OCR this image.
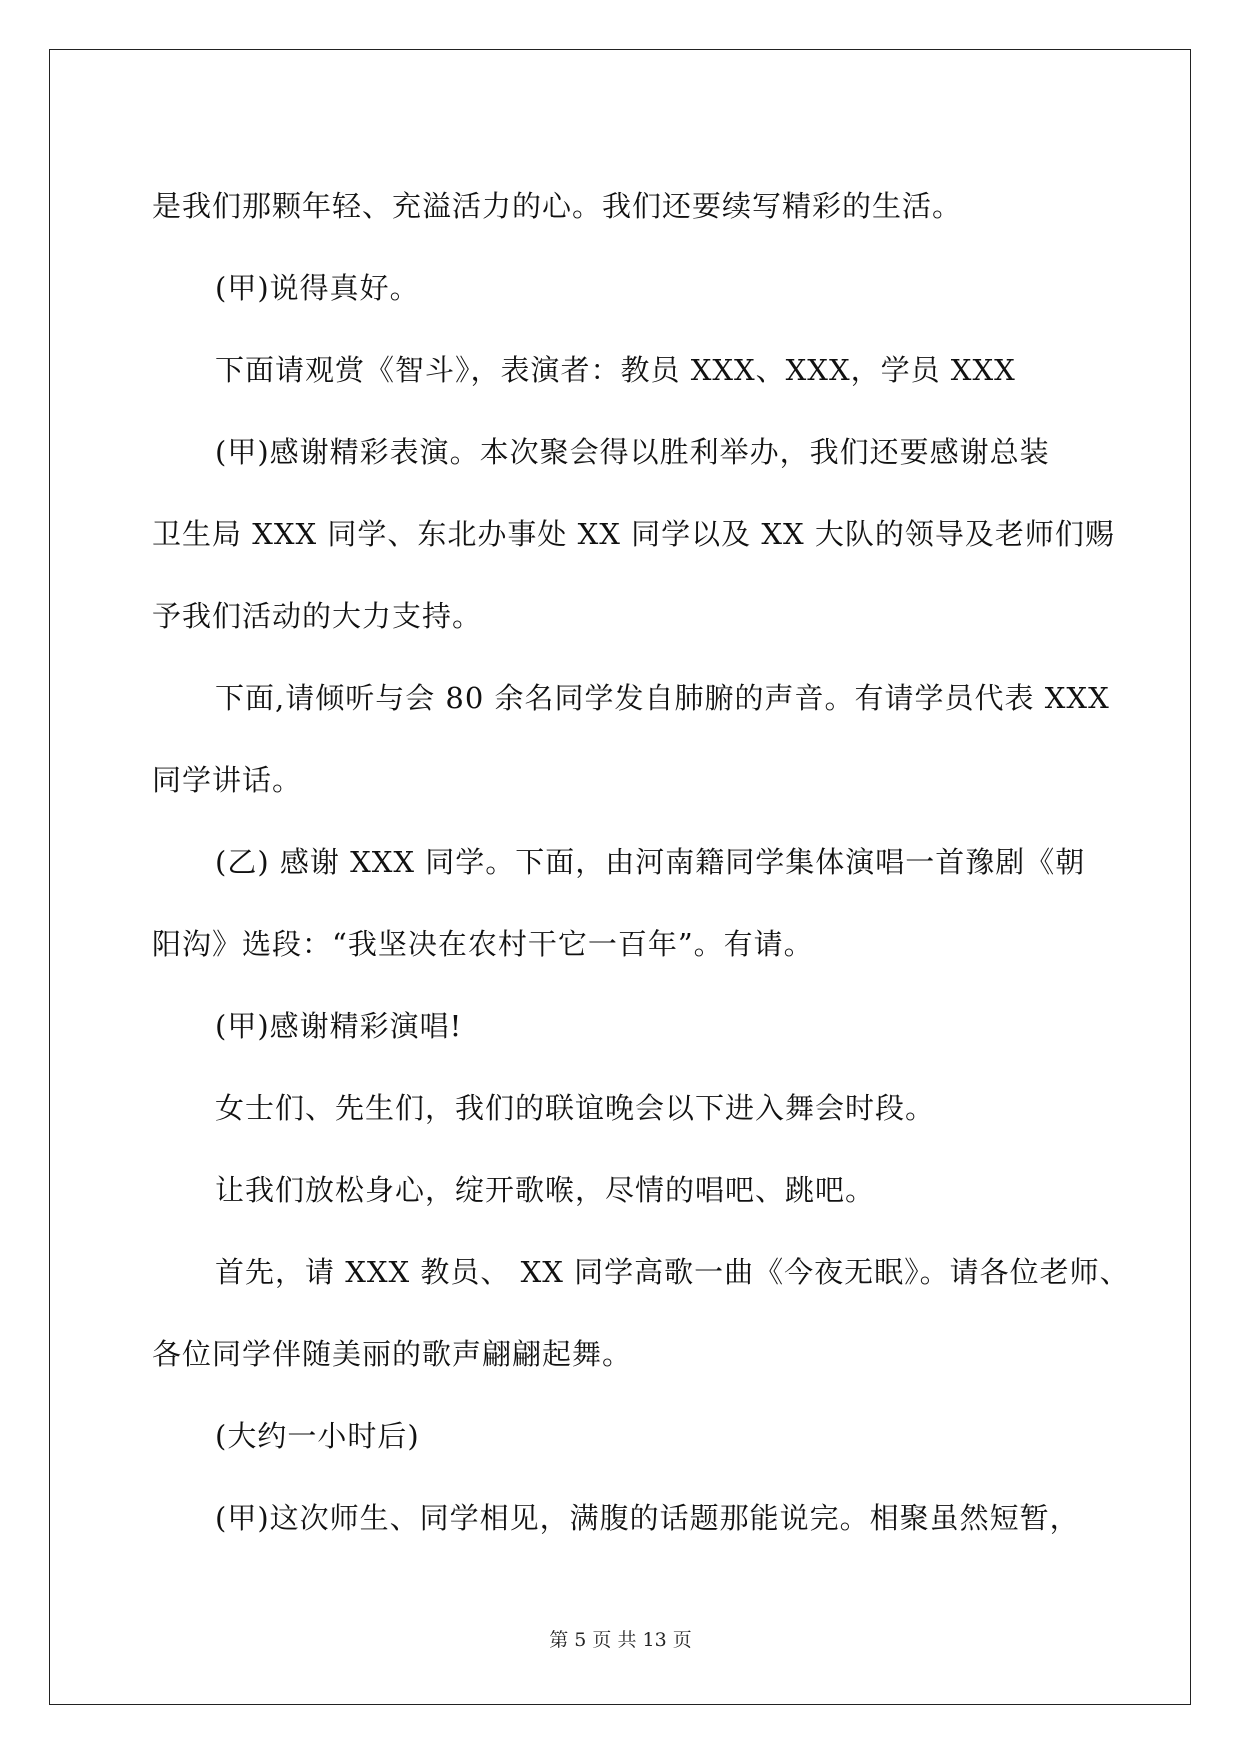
是我们那颗年轻、充溢活力的心。我们还要续写精彩的生活。
(甲)说得真好。
下面请观赏《智斗》，表演者：教员 XXX、XXX，学员 XXX
(甲)感谢精彩表演。本次聚会得以胜利举办，我们还要感谢总装
卫生局 XXX 同学、东北办事处 XX 同学以及 XX 大队的领导及老师们赐
予我们活动的大力支持。
下面,请倾听与会 80 余名同学发自肺腑的声音。有请学员代表 XXX
同学讲话。
(乙) 感谢 XXX 同学。下面，由河南籍同学集体演唱一首豫剧《朝
阳沟》选段：“我坚决在农村干它一百年”。有请。
(甲)感谢精彩演唱!
女士们、先生们，我们的联谊晚会以下进入舞会时段。
让我们放松身心，绽开歌喉，尽情的唱吧、跳吧。
首先，请 XXX 教员、 XX 同学高歌一曲《今夜无眠》。请各位老师、
各位同学伴随美丽的歌声翩翩起舞。
(大约一小时后)
(甲)这次师生、同学相见，满腹的话题那能说完。相聚虽然短暂，
第 5 页 共 13 页
